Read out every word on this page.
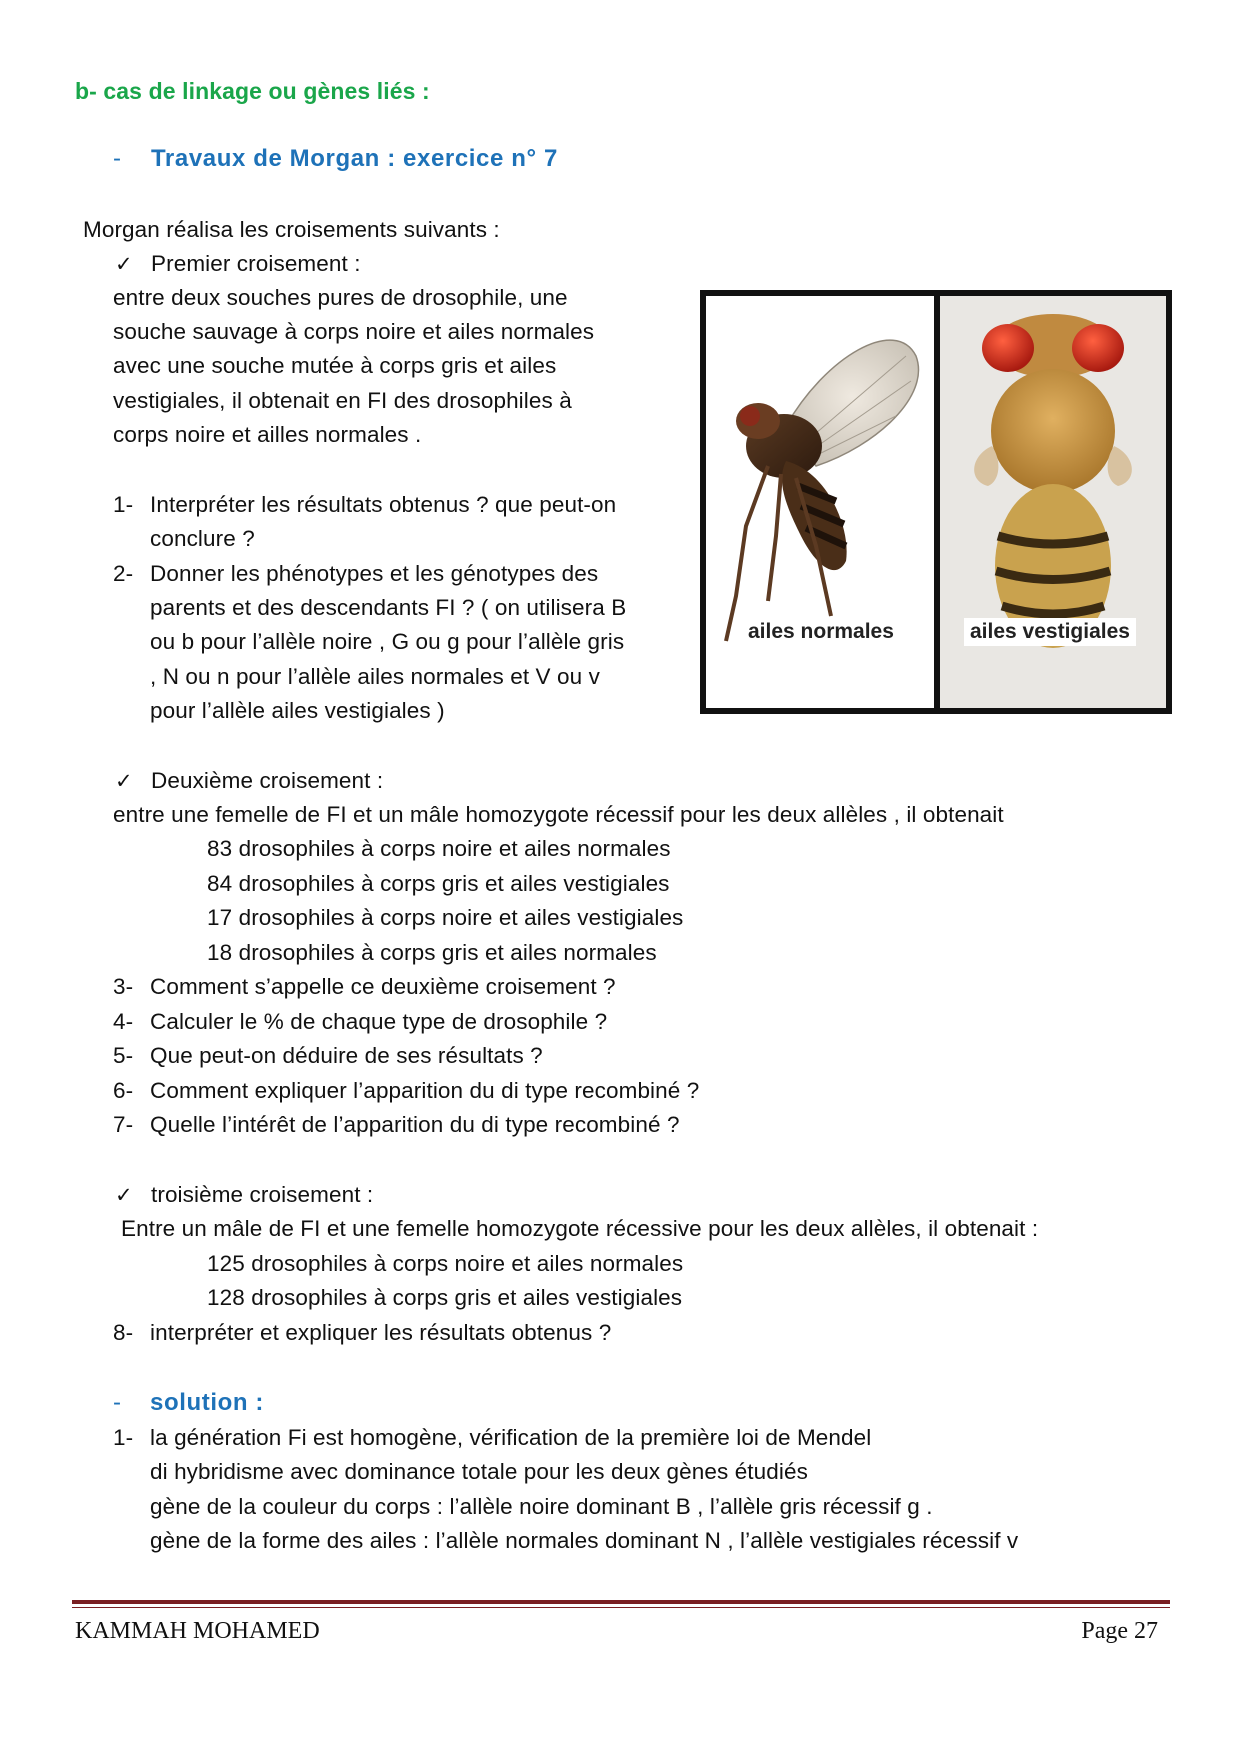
b- cas de linkage ou gènes liés :
- Travaux de Morgan : exercice n° 7
Morgan réalisa les croisements suivants :
✓ Premier croisement :
entre deux souches pures de drosophile, une
souche sauvage à corps noire et ailes normales
avec une souche mutée à corps gris et ailes
vestigiales, il obtenait en FI des drosophiles à
corps noire et ailles normales .
1- Interpréter les résultats obtenus ? que peut-on
conclure ?
2- Donner les phénotypes et les génotypes des
parents et des descendants FI ? ( on utilisera B
ou b pour l’allèle noire , G ou g pour l’allèle gris
, N ou n pour l’allèle ailes normales et V ou v
pour l’allèle ailes vestigiales )
ailes normales	ailes vestigiales
✓ Deuxième croisement :
entre une femelle de FI et un mâle homozygote récessif pour les deux allèles , il obtenait
83 drosophiles à corps noire et ailes normales
84 drosophiles à corps gris et ailes vestigiales
17 drosophiles à corps noire et ailes vestigiales
18 drosophiles à corps gris et ailes normales
3- Comment s’appelle ce deuxième croisement ?
4- Calculer le % de chaque type de drosophile ?
5- Que peut-on déduire de ses résultats ?
6- Comment expliquer l’apparition du di type recombiné ?
7- Quelle l’intérêt de l’apparition du di type recombiné ?
✓ troisième croisement :
Entre un mâle de FI et une femelle homozygote récessive pour les deux allèles, il obtenait :
125 drosophiles à corps noire et ailes normales
128 drosophiles à corps gris et ailes vestigiales
8- interpréter et expliquer les résultats obtenus ?
- solution :
1- la génération Fi est homogène, vérification de la première loi de Mendel
di hybridisme avec dominance totale pour les deux gènes étudiés
gène de la couleur du corps : l’allèle noire dominant B , l’allèle gris récessif g .
gène de la forme des ailes : l’allèle normales dominant N , l’allèle vestigiales récessif v
KAMMAH MOHAMED	Page 27
